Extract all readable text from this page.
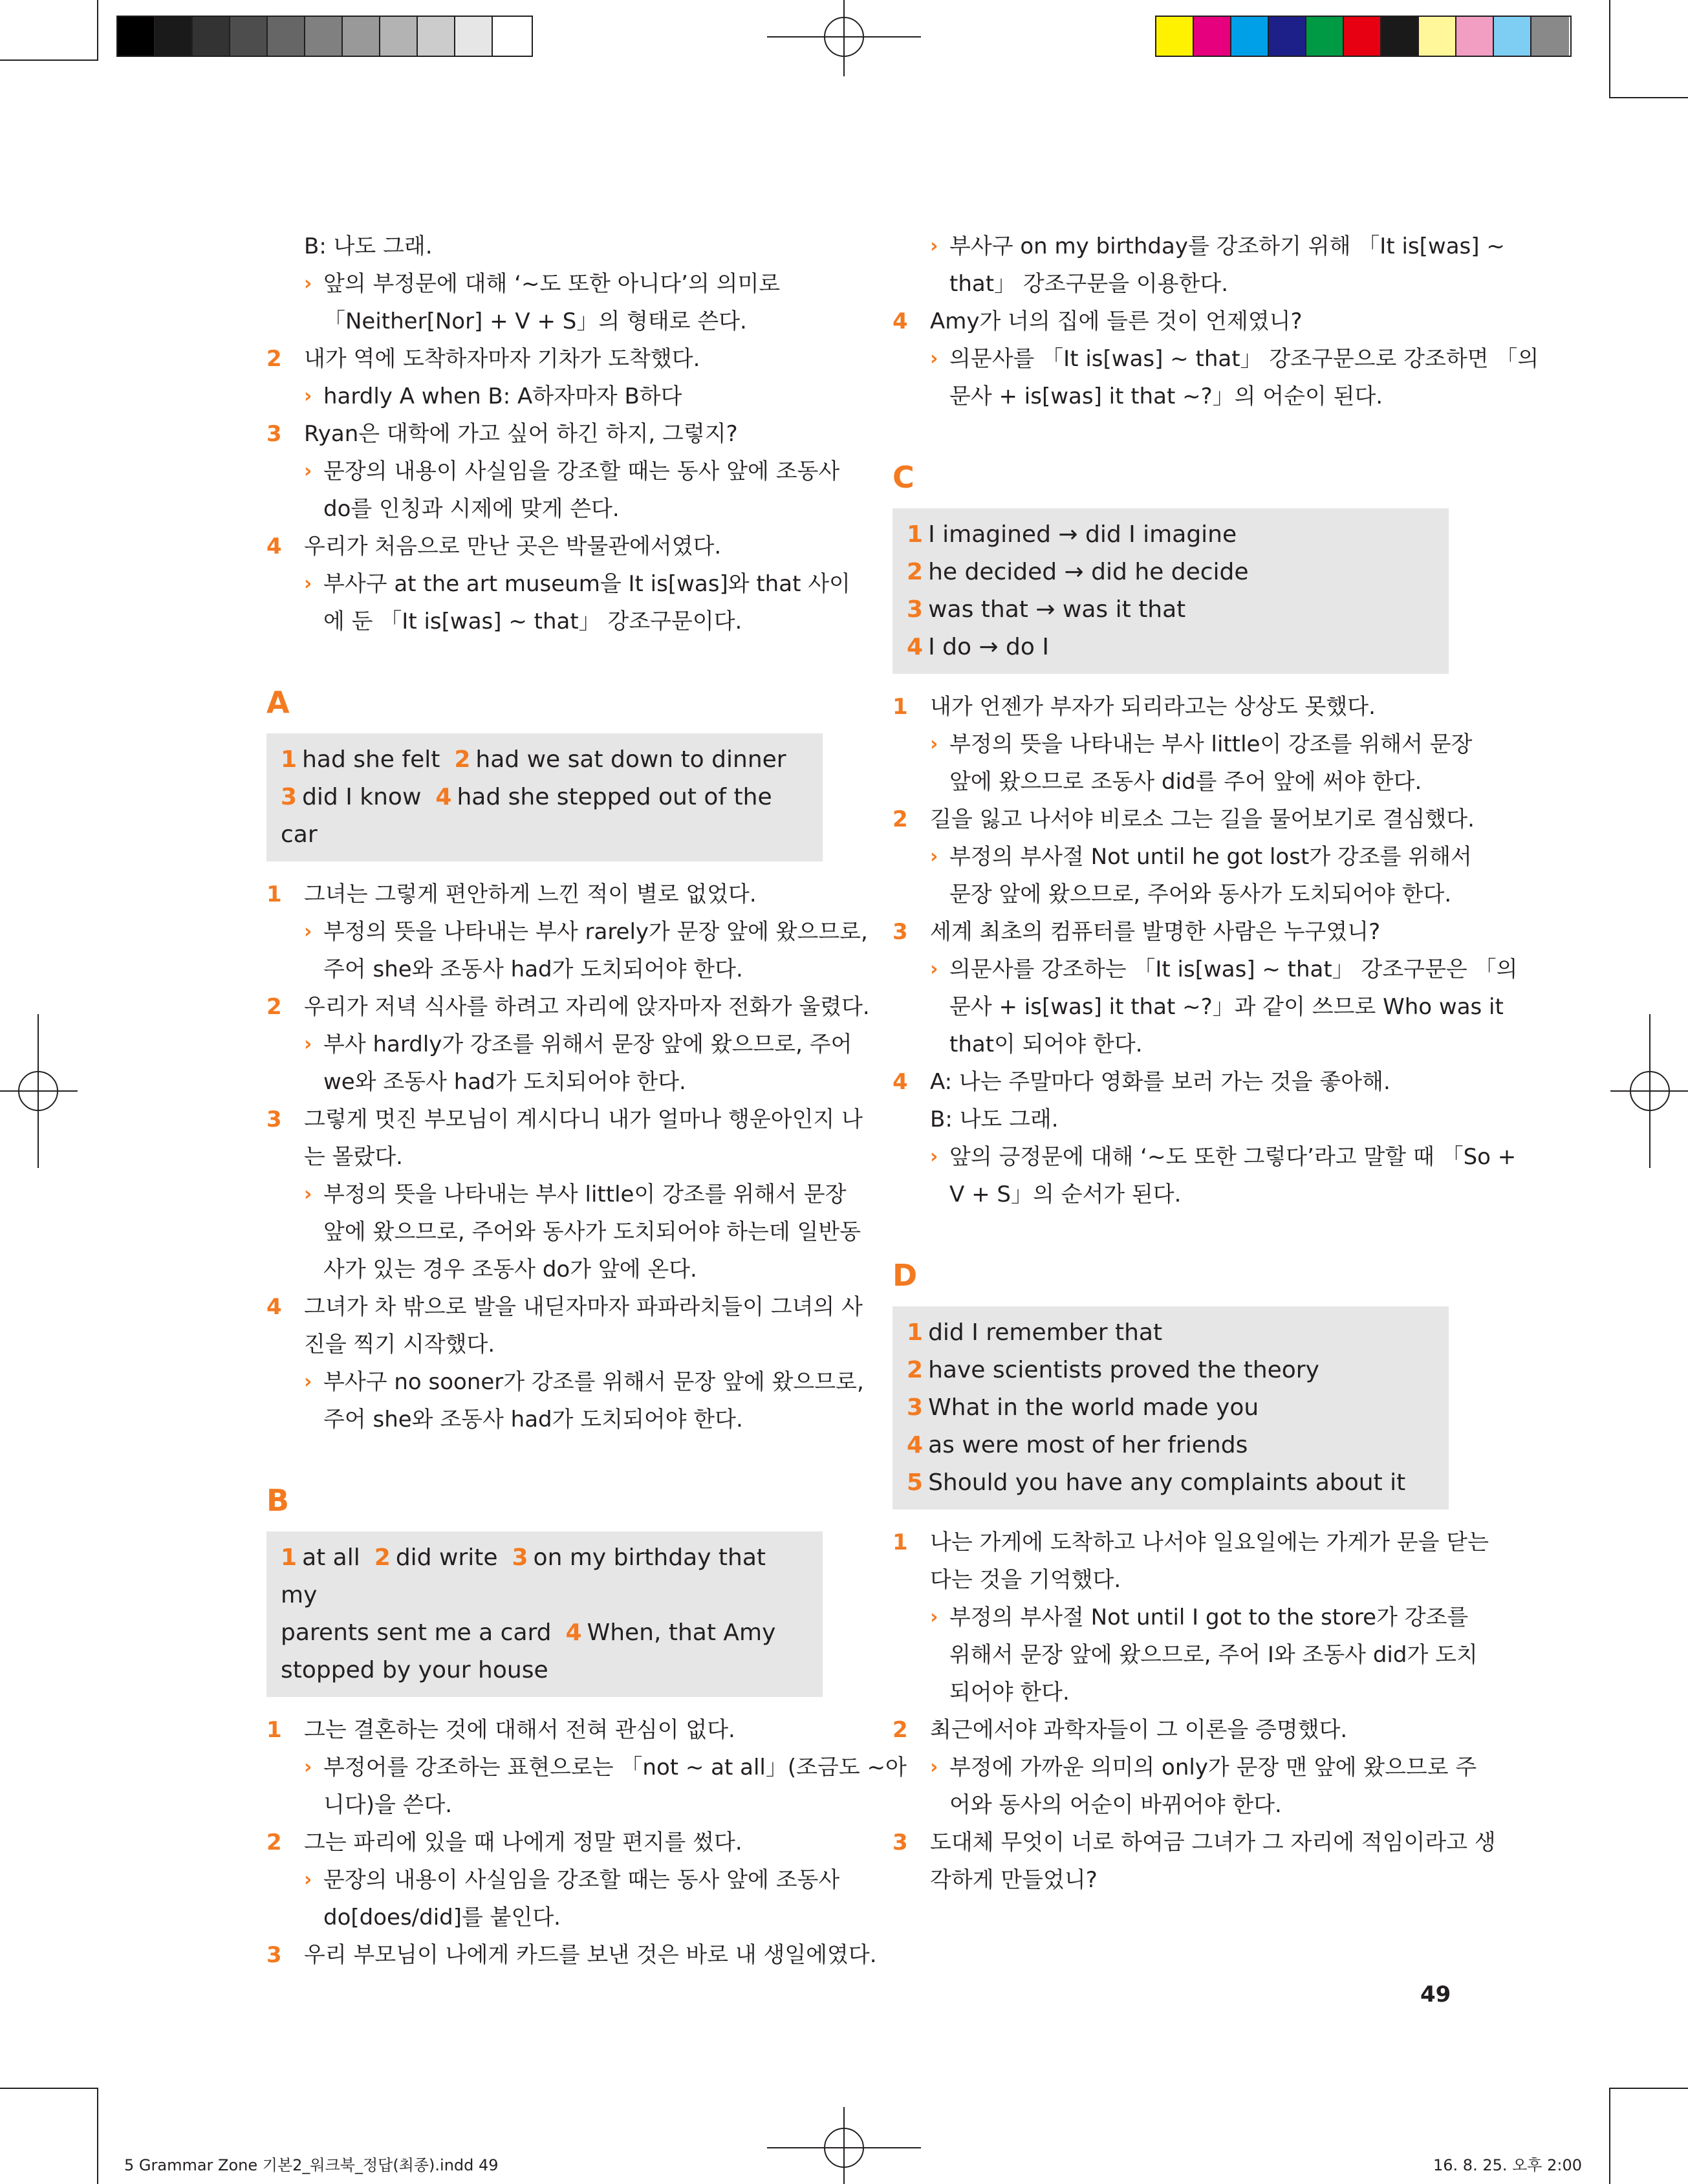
B: 나도 그래.
› 앞의 부정문에 대해 ‘~도 또한 아니다’의 의미로
「Neither[Nor] + V + S」의 형태로 쓴다.
2	내가 역에 도착하자마자 기차가 도착했다.
› hardly A when B: A하자마자 B하다
3	Ryan은 대학에 가고 싶어 하긴 하지, 그렇지?
› 문장의 내용이 사실임을 강조할 때는 동사 앞에 조동사
do를 인칭과 시제에 맞게 쓴다.
4	우리가 처음으로 만난 곳은 박물관에서였다.
› 부사구 at the art museum을 It is[was]와 that 사이
에 둔 「It is[was] ~ that」 강조구문이다.
A
1 had she felt 2 had we sat down to dinner
3 did I know 4 had she stepped out of the car
1	그녀는 그렇게 편안하게 느낀 적이 별로 없었다.
› 부정의 뜻을 나타내는 부사 rarely가 문장 앞에 왔으므로,
주어 she와 조동사 had가 도치되어야 한다.
2	우리가 저녁 식사를 하려고 자리에 앉자마자 전화가 울렸다.
› 부사 hardly가 강조를 위해서 문장 앞에 왔으므로, 주어
we와 조동사 had가 도치되어야 한다.
3	그렇게 멋진 부모님이 계시다니 내가 얼마나 행운아인지 나
는 몰랐다.
› 부정의 뜻을 나타내는 부사 little이 강조를 위해서 문장
앞에 왔으므로, 주어와 동사가 도치되어야 하는데 일반동
사가 있는 경우 조동사 do가 앞에 온다.
4	그녀가 차 밖으로 발을 내딛자마자 파파라치들이 그녀의 사
진을 찍기 시작했다.
› 부사구 no sooner가 강조를 위해서 문장 앞에 왔으므로,
주어 she와 조동사 had가 도치되어야 한다.
B
1 at all 2 did write 3 on my birthday that my
parents sent me a card 4 When, that Amy
stopped by your house
1	그는 결혼하는 것에 대해서 전혀 관심이 없다.
› 부정어를 강조하는 표현으로는 「not ~ at all」(조금도 ~아
니다)을 쓴다.
2	그는 파리에 있을 때 나에게 정말 편지를 썼다.
› 문장의 내용이 사실임을 강조할 때는 동사 앞에 조동사
do[does/did]를 붙인다.
3	우리 부모님이 나에게 카드를 보낸 것은 바로 내 생일에였다.
› 부사구 on my birthday를 강조하기 위해 「It is[was] ~
that」 강조구문을 이용한다.
4	Amy가 너의 집에 들른 것이 언제였니?
› 의문사를 「It is[was] ~ that」 강조구문으로 강조하면 「의
문사 + is[was] it that ~?」의 어순이 된다.
C
1 I imagined → did I imagine
2 he decided → did he decide
3 was that → was it that
4 I do → do I
1	내가 언젠가 부자가 되리라고는 상상도 못했다.
› 부정의 뜻을 나타내는 부사 little이 강조를 위해서 문장
앞에 왔으므로 조동사 did를 주어 앞에 써야 한다.
2	길을 잃고 나서야 비로소 그는 길을 물어보기로 결심했다.
› 부정의 부사절 Not until he got lost가 강조를 위해서
문장 앞에 왔으므로, 주어와 동사가 도치되어야 한다.
3	세계 최초의 컴퓨터를 발명한 사람은 누구였니?
› 의문사를 강조하는 「It is[was] ~ that」 강조구문은 「의
문사 + is[was] it that ~?」과 같이 쓰므로 Who was it
that이 되어야 한다.
4	A: 나는 주말마다 영화를 보러 가는 것을 좋아해.
B: 나도 그래.
› 앞의 긍정문에 대해 ‘~도 또한 그렇다’라고 말할 때 「So +
V + S」의 순서가 된다.
D
1 did I remember that
2 have scientists proved the theory
3 What in the world made you
4 as were most of her friends
5 Should you have any complaints about it
1	나는 가게에 도착하고 나서야 일요일에는 가게가 문을 닫는
다는 것을 기억했다.
› 부정의 부사절 Not until I got to the store가 강조를
위해서 문장 앞에 왔으므로, 주어 I와 조동사 did가 도치
되어야 한다.
2	최근에서야 과학자들이 그 이론을 증명했다.
› 부정에 가까운 의미의 only가 문장 맨 앞에 왔으므로 주
어와 동사의 어순이 바뀌어야 한다.
3	도대체 무엇이 너로 하여금 그녀가 그 자리에 적임이라고 생
각하게 만들었니?
49
5 Grammar Zone 기본2_워크북_정답(최종).indd 49	16. 8. 25. 오후 2:00
